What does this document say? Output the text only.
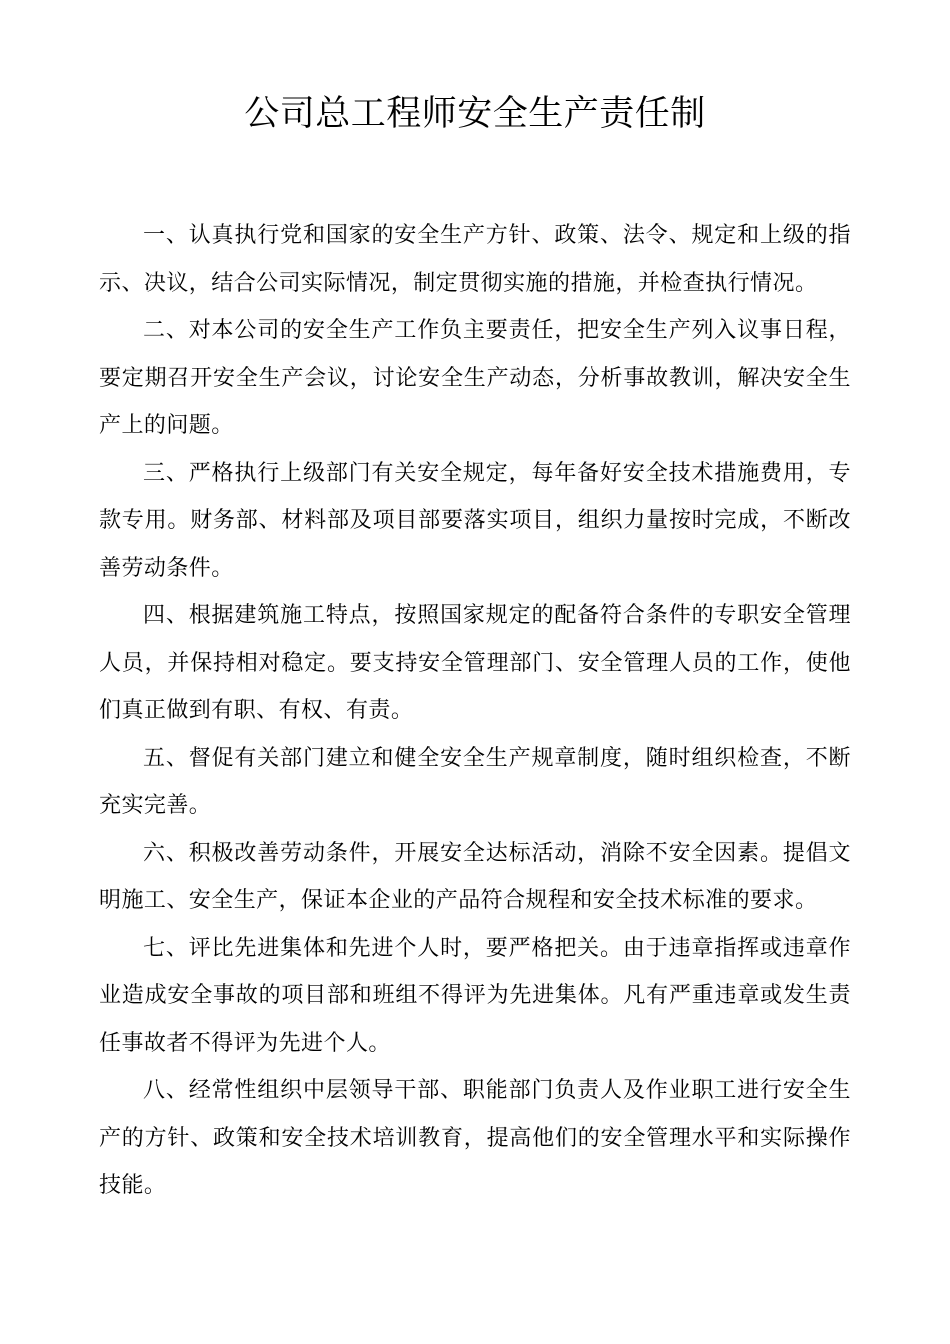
公司总工程师安全生产责任制

一、认真执行党和国家的安全生产方针、政策、法令、规定和上级的指示、决议，结合公司实际情况，制定贯彻实施的措施，并检查执行情况。

二、对本公司的安全生产工作负主要责任，把安全生产列入议事日程，要定期召开安全生产会议，讨论安全生产动态，分析事故教训，解决安全生产上的问题。

三、严格执行上级部门有关安全规定，每年备好安全技术措施费用，专款专用。财务部、材料部及项目部要落实项目，组织力量按时完成，不断改善劳动条件。

四、根据建筑施工特点，按照国家规定的配备符合条件的专职安全管理人员，并保持相对稳定。要支持安全管理部门、安全管理人员的工作，使他们真正做到有职、有权、有责。

五、督促有关部门建立和健全安全生产规章制度，随时组织检查，不断充实完善。

六、积极改善劳动条件，开展安全达标活动，消除不安全因素。提倡文明施工、安全生产，保证本企业的产品符合规程和安全技术标准的要求。

七、评比先进集体和先进个人时，要严格把关。由于违章指挥或违章作业造成安全事故的项目部和班组不得评为先进集体。凡有严重违章或发生责任事故者不得评为先进个人。

八、经常性组织中层领导干部、职能部门负责人及作业职工进行安全生产的方针、政策和安全技术培训教育，提高他们的安全管理水平和实际操作技能。
